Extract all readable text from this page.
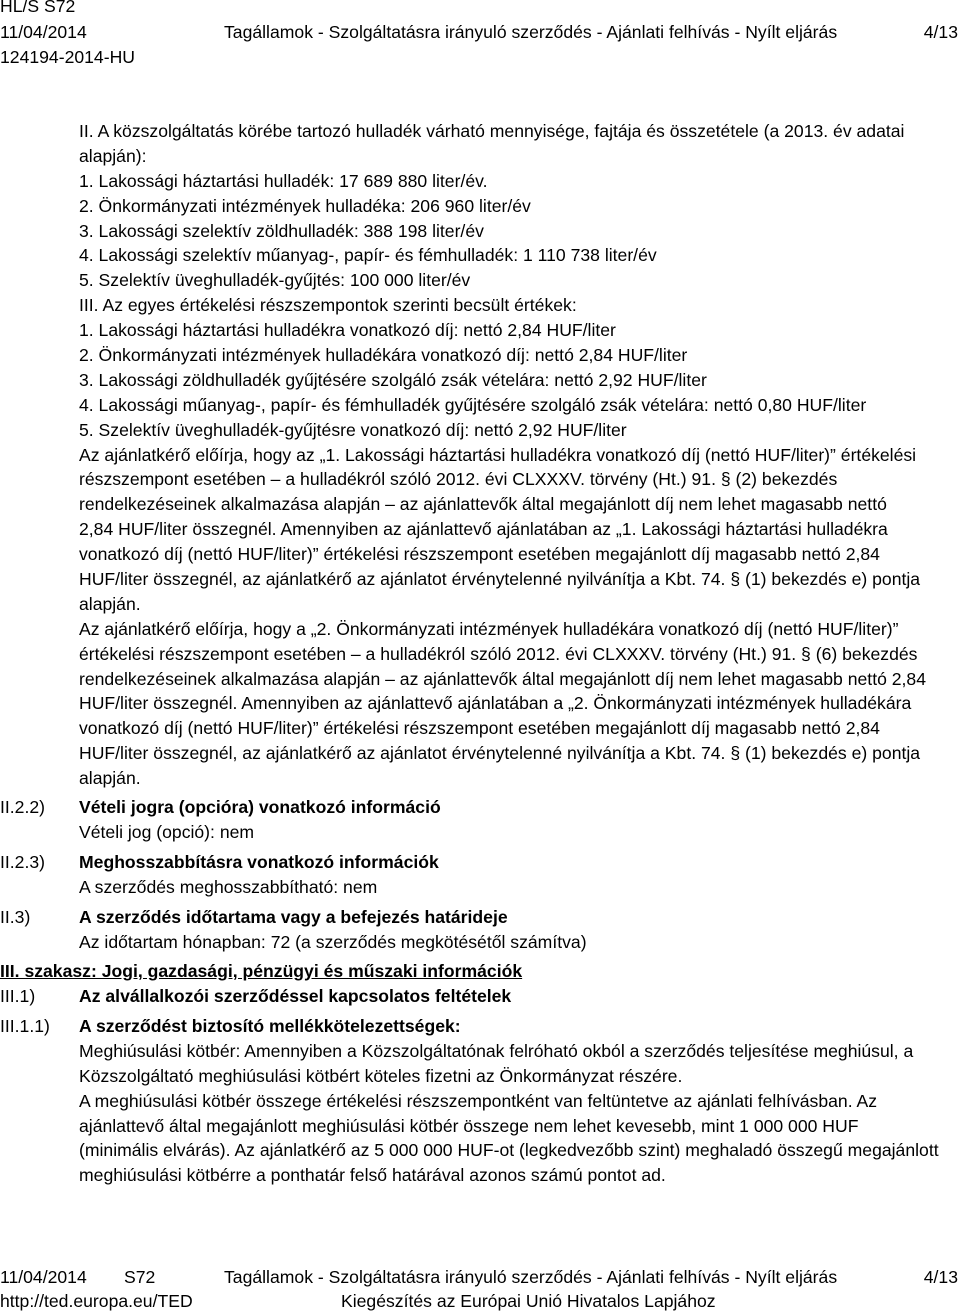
HL/S S72
11/04/2014	Tagállamok - Szolgáltatásra irányuló szerződés - Ajánlati felhívás - Nyílt eljárás	4/13
124194-2014-HU
II. A közszolgáltatás körébe tartozó hulladék várható mennyisége, fajtája és összetétele (a 2013. év adatai
alapján):
1. Lakossági háztartási hulladék: 17 689 880 liter/év.
2. Önkormányzati intézmények hulladéka: 206 960 liter/év
3. Lakossági szelektív zöldhulladék: 388 198 liter/év
4. Lakossági szelektív műanyag-, papír- és fémhulladék: 1 110 738 liter/év
5. Szelektív üveghulladék-gyűjtés: 100 000 liter/év
III. Az egyes értékelési részszempontok szerinti becsült értékek:
1. Lakossági háztartási hulladékra vonatkozó díj: nettó 2,84 HUF/liter
2. Önkormányzati intézmények hulladékára vonatkozó díj: nettó 2,84 HUF/liter
3. Lakossági zöldhulladék gyűjtésére szolgáló zsák vételára: nettó 2,92 HUF/liter
4. Lakossági műanyag-, papír- és fémhulladék gyűjtésére szolgáló zsák vételára: nettó 0,80 HUF/liter
5. Szelektív üveghulladék-gyűjtésre vonatkozó díj: nettó 2,92 HUF/liter
Az ajánlatkérő előírja, hogy az „1. Lakossági háztartási hulladékra vonatkozó díj (nettó HUF/liter)” értékelési
részszempont esetében – a hulladékról szóló 2012. évi CLXXXV. törvény (Ht.) 91. § (2) bekezdés
rendelkezéseinek alkalmazása alapján – az ajánlattevők által megajánlott díj nem lehet magasabb nettó
2,84 HUF/liter összegnél. Amennyiben az ajánlattevő ajánlatában az „1. Lakossági háztartási hulladékra
vonatkozó díj (nettó HUF/liter)” értékelési részszempont esetében megajánlott díj magasabb nettó 2,84
HUF/liter összegnél, az ajánlatkérő az ajánlatot érvénytelenné nyilvánítja a Kbt. 74. § (1) bekezdés e) pontja
alapján.
Az ajánlatkérő előírja, hogy a „2. Önkormányzati intézmények hulladékára vonatkozó díj (nettó HUF/liter)”
értékelési részszempont esetében – a hulladékról szóló 2012. évi CLXXXV. törvény (Ht.) 91. § (6) bekezdés
rendelkezéseinek alkalmazása alapján – az ajánlattevők által megajánlott díj nem lehet magasabb nettó 2,84
HUF/liter összegnél. Amennyiben az ajánlattevő ajánlatában a „2. Önkormányzati intézmények hulladékára
vonatkozó díj (nettó HUF/liter)” értékelési részszempont esetében megajánlott díj magasabb nettó 2,84
HUF/liter összegnél, az ajánlatkérő az ajánlatot érvénytelenné nyilvánítja a Kbt. 74. § (1) bekezdés e) pontja
alapján.
II.2.2) Vételi jogra (opcióra) vonatkozó információ
Vételi jog (opció): nem
II.2.3) Meghosszabbításra vonatkozó információk
A szerződés meghosszabbítható: nem
II.3)	A szerződés időtartama vagy a befejezés határideje
Az időtartam hónapban: 72 (a szerződés megkötésétől számítva)
III. szakasz: Jogi, gazdasági, pénzügyi és műszaki információk
III.1) Az alvállalkozói szerződéssel kapcsolatos feltételek
III.1.1) A szerződést biztosító mellékkötelezettségek:
Meghiúsulási kötbér: Amennyiben a Közszolgáltatónak felróható okból a szerződés teljesítése meghiúsul, a
Közszolgáltató meghiúsulási kötbért köteles fizetni az Önkormányzat részére.
A meghiúsulási kötbér összege értékelési részszempontként van feltüntetve az ajánlati felhívásban. Az
ajánlattevő által megajánlott meghiúsulási kötbér összege nem lehet kevesebb, mint 1 000 000 HUF
(minimális elvárás). Az ajánlatkérő az 5 000 000 HUF-ot (legkedvezőbb szint) meghaladó összegű megajánlott
meghiúsulási kötbérre a ponthatár felső határával azonos számú pontot ad.
11/04/2014 S72	Tagállamok - Szolgáltatásra irányuló szerződés - Ajánlati felhívás - Nyílt eljárás	4/13
http://ted.europa.eu/TED	Kiegészítés az Európai Unió Hivatalos Lapjához
